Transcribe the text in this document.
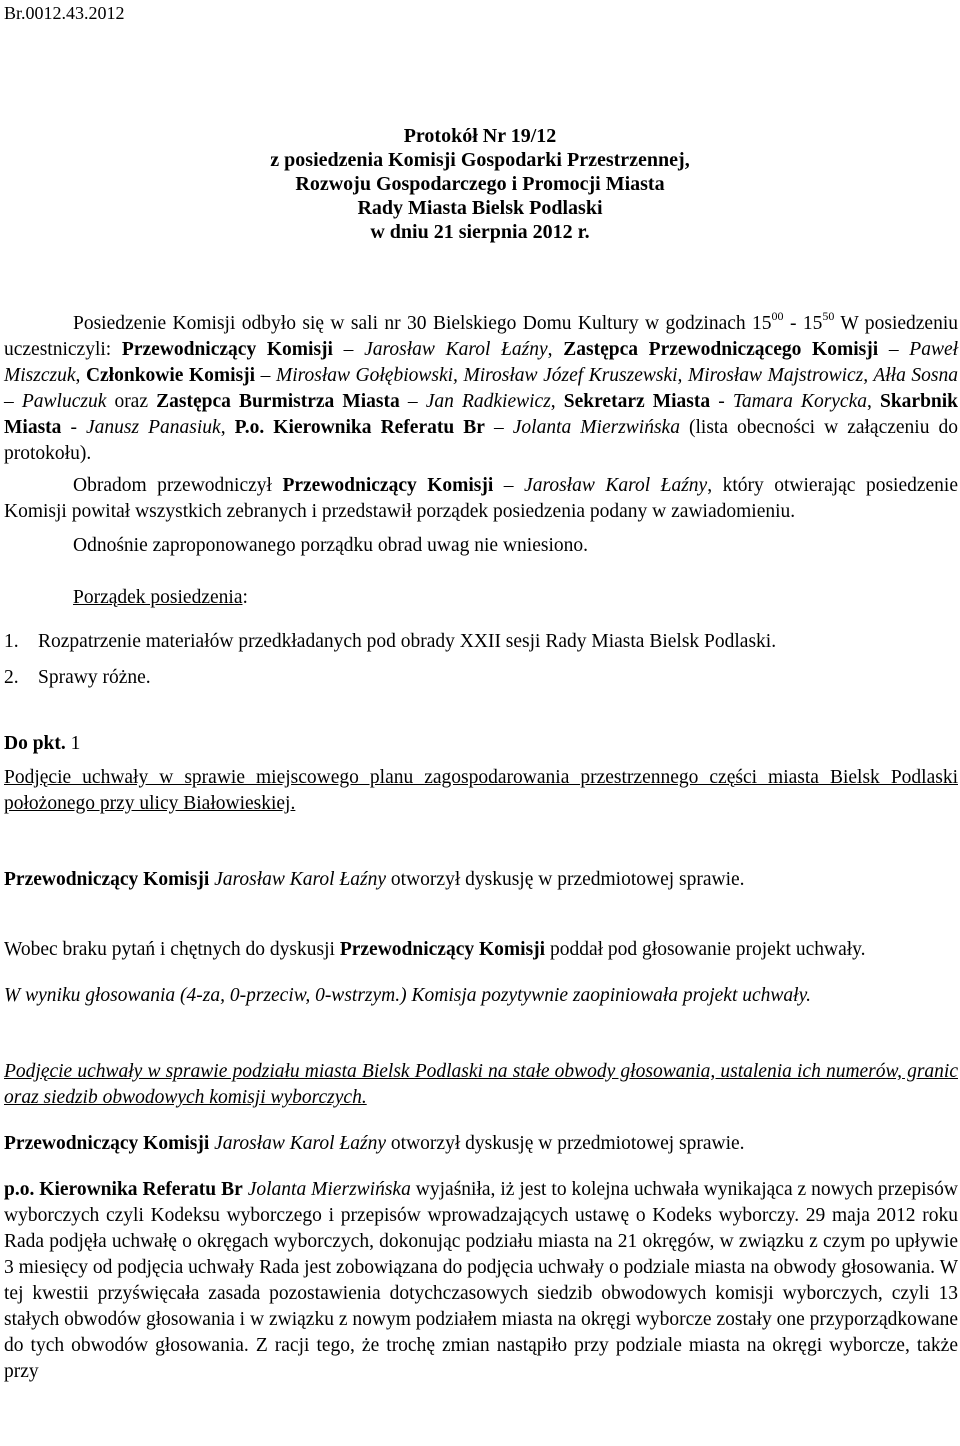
Br.0012.43.2012
Protokół Nr 19/12
z posiedzenia Komisji Gospodarki Przestrzennej,
Rozwoju Gospodarczego i Promocji Miasta
Rady Miasta Bielsk Podlaski
w dniu 21 sierpnia 2012 r.

Posiedzenie Komisji odbyło się w sali nr 30 Bielskiego Domu Kultury w godzinach $15^{00} - 15^{50}$ W posiedzeniu uczestniczyli: Przewodniczący Komisji – Jarosław Karol Łaźny, Zastępca Przewodniczącego Komisji – Paweł Miszczuk, Członkowie Komisji – Mirosław Gołębiowski, Mirosław Józef Kruszewski, Mirosław Majstrowicz, Ałła Sosna – Pawluczuk oraz Zastępca Burmistrza Miasta – Jan Radkiewicz, Sekretarz Miasta - Tamara Korycka, Skarbnik Miasta - Janusz Panasiuk, P.o. Kierownika Referatu Br – Jolanta Mierzwińska (lista obecności w załączeniu do protokołu).

Obradom przewodniczył Przewodniczący Komisji – Jarosław Karol Łaźny, który otwierając posiedzenie Komisji powitał wszystkich zebranych i przedstawił porządek posiedzenia podany w zawiadomieniu.

Odnośnie zaproponowanego porządku obrad uwag nie wniesiono.

Porządek posiedzenia:

1. Rozpatrzenie materiałów przedkładanych pod obrady XXII sesji Rady Miasta Bielsk Podlaski.

2. Sprawy różne.

Do pkt. 1

Podjęcie uchwały w sprawie miejscowego planu zagospodarowania przestrzennego części miasta Bielsk Podlaski położonego przy ulicy Białowieskiej.

Przewodniczący Komisji Jarosław Karol Łaźny otworzył dyskusję w przedmiotowej sprawie.

Wobec braku pytań i chętnych do dyskusji Przewodniczący Komisji poddał pod głosowanie projekt uchwały.

W wyniku głosowania (4-za, 0-przeciw, 0-wstrzym.) Komisja pozytywnie zaopiniowała projekt uchwały.

Podjęcie uchwały w sprawie podziału miasta Bielsk Podlaski na stałe obwody głosowania, ustalenia ich numerów, granic oraz siedzib obwodowych komisji wyborczych.

Przewodniczący Komisji Jarosław Karol Łaźny otworzył dyskusję w przedmiotowej sprawie.

p.o. Kierownika Referatu Br Jolanta Mierzwińska wyjaśniła, iż jest to kolejna uchwała wynikająca z nowych przepisów wyborczych czyli Kodeksu wyborczego i przepisów wprowadzających ustawę o Kodeks wyborczy. 29 maja 2012 roku Rada podjęła uchwałę o okręgach wyborczych, dokonując podziału miasta na 21 okręgów, w związku z czym po upływie 3 miesięcy od podjęcia uchwały Rada jest zobowiązana do podjęcia uchwały o podziale miasta na obwody głosowania. W tej kwestii przyświęcała zasada pozostawienia dotychczasowych siedzib obwodowych komisji wyborczych, czyli 13 stałych obwodów głosowania i w związku z nowym podziałem miasta na okręgi wyborcze zostały one przyporządkowane do tych obwodów głosowania. Z racji tego, że trochę zmian nastąpiło przy podziale miasta na okręgi wyborcze, także przy
